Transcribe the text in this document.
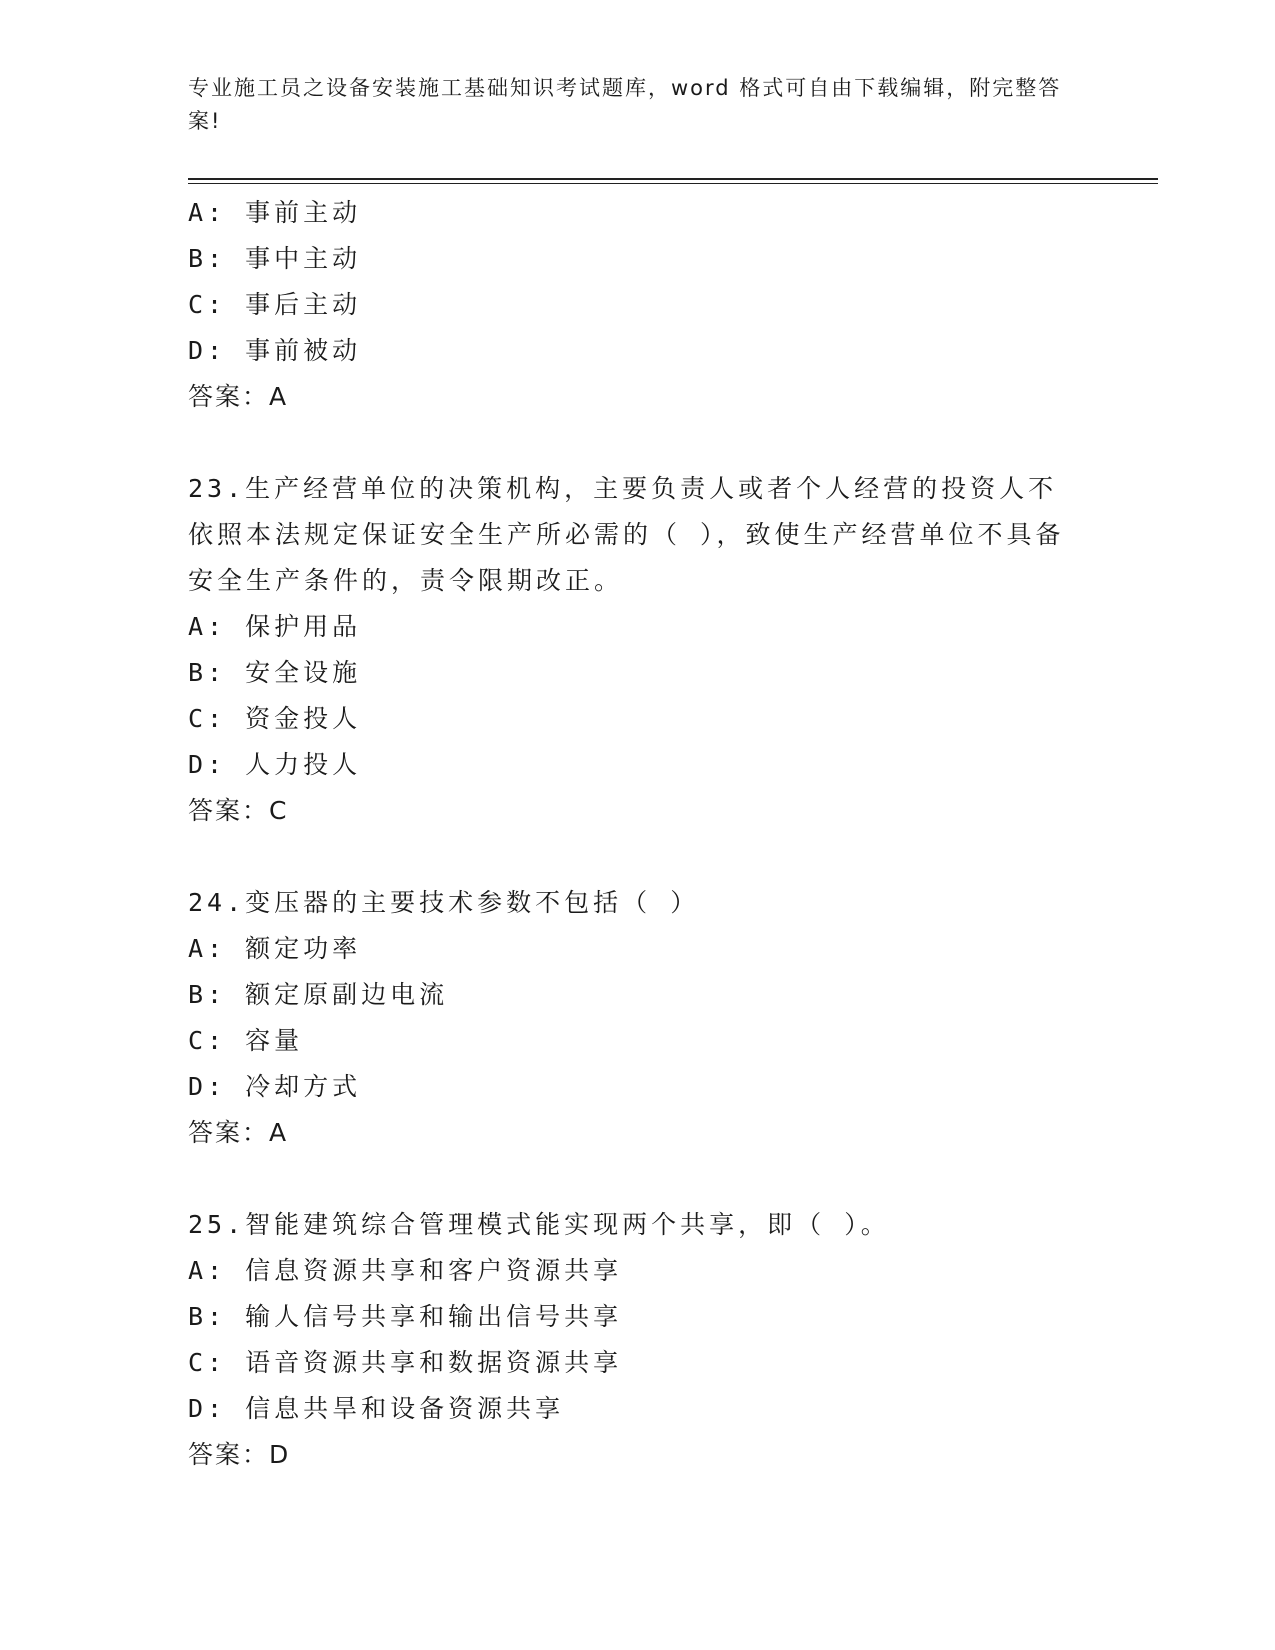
专业施工员之设备安装施工基础知识考试题库，word 格式可自由下载编辑，附完整答案!
A: 事前主动
B: 事中主动
C: 事后主动
D: 事前被动
答案：A
23.生产经营单位的决策机构，主要负责人或者个人经营的投资人不依照本法规定保证安全生产所必需的（ ），致使生产经营单位不具备安全生产条件的，责令限期改正。
A: 保护用品
B: 安全设施
C: 资金投人
D: 人力投人
答案：C
24.变压器的主要技术参数不包括（ ）
A: 额定功率
B: 额定原副边电流
C: 容量
D: 冷却方式
答案：A
25.智能建筑综合管理模式能实现两个共享，即（ ）。
A: 信息资源共享和客户资源共享
B: 输人信号共享和输出信号共享
C: 语音资源共享和数据资源共享
D: 信息共旱和设备资源共享
答案：D
